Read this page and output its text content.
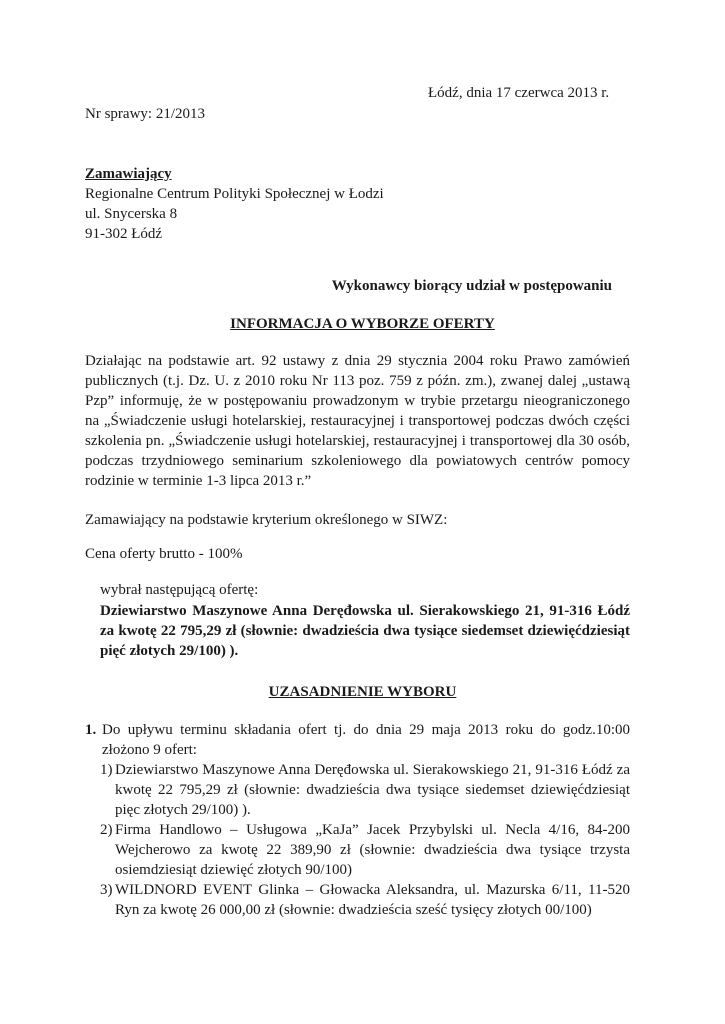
Łódź, dnia 17 czerwca 2013 r.
Nr sprawy: 21/2013
Zamawiający
Regionalne Centrum Polityki Społecznej w Łodzi
ul. Snycerska 8
91-302 Łódź
Wykonawcy biorący udział w postępowaniu
INFORMACJA O WYBORZE OFERTY
Działając na podstawie art. 92 ustawy z dnia 29 stycznia 2004 roku Prawo zamówień publicznych (t.j. Dz. U. z 2010 roku Nr 113 poz. 759 z późn. zm.), zwanej dalej „ustawą Pzp” informuję, że w postępowaniu prowadzonym w trybie przetargu nieograniczonego na „Świadczenie usługi hotelarskiej, restauracyjnej i transportowej podczas dwóch części szkolenia pn. „Świadczenie usługi hotelarskiej, restauracyjnej i transportowej dla 30 osób, podczas trzydniowego seminarium szkoleniowego dla powiatowych centrów pomocy rodzinie w terminie 1-3 lipca 2013 r.”
Zamawiający na podstawie kryterium określonego w SIWZ:
Cena oferty brutto - 100%
wybrał następującą ofertę:
Dziewiarstwo Maszynowe Anna Deręđowska ul. Sierakowskiego 21, 91-316 Łódź za kwotę 22 795,29 zł (słownie: dwadzieścia dwa tysiące siedemset dziewięćdziesiąt pięć złotych 29/100) ).
UZASADNIENIE WYBORU
1. Do upływu terminu składania ofert tj. do dnia 29 maja 2013 roku do godz.10:00 złożono 9 ofert:
1) Dziewiarstwo Maszynowe Anna Deręđowska ul. Sierakowskiego 21, 91-316 Łódź za kwotę 22 795,29 zł (słownie: dwadzieścia dwa tysiące siedemset dziewięćdziesiąt pięc złotych 29/100) ).
2) Firma Handlowo – Usługowa „KaJa” Jacek Przybylski ul. Necla 4/16, 84-200 Wejcherowo za kwotę 22 389,90 zł (słownie: dwadzieścia dwa tysiące trzysta osiemdziesiąt dziewięć złotych 90/100)
3) WILDNORD EVENT Glinka – Głowacka Aleksandra, ul. Mazurska 6/11, 11-520 Ryn za kwotę 26 000,00 zł (słownie: dwadzieścia sześć tysięcy złotych 00/100)
